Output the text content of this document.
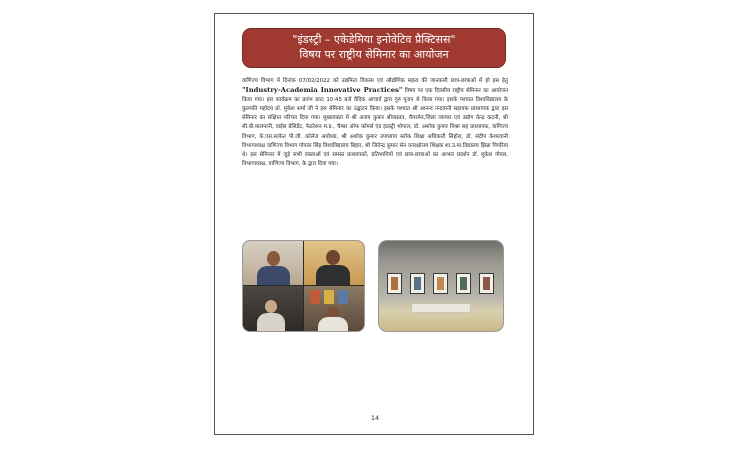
"इंडस्ट्री – एकेडेमिया इनोवेटिव प्रैक्टिसस"
विषय पर राष्ट्रीय सेमिनार का आयोजन
वाणिज्य विभाग में दिनांक 07/02/2022 को उद्यमिता विकास एवं औद्योगिक महत्व की जानकारी छात्र-छात्राओं में हो इस हेतु "Industry-Academia Innovative Practices" विषय पर एक दिवसीय राष्ट्रीय सेमिनार का आयोजन किया गया। इस कार्यक्रम का प्रारंभ प्रातः 10:45 बजे वैदिक आचार्य द्वारा गुरु पूजन से किया गया। इसके पश्चात विश्वविद्यालय के कुलपति महोदय प्रो. मुकेश शर्मा जी ने इस सेमिनार का उद्घाटन किया। इसके पश्चात श्री आनन्द नन्दवानी सहायक प्राध्यापक द्वारा इस सेमिनार का संक्षिप्त परिचय दिया गया। मुख्यवक्ता में श्री अजय कुमार श्रीवास्तव, चैयरमेन,जिला व्यापार एवं उद्योग केन्द्र कटनी, श्री सी.बी.मालपानी, वाईस प्रेसिडेंट, फेडरेशन म.प्र., चैम्बर ऑफ कॉमर्स एंड इंडस्ट्री भोपाल, डॉ. अशोक कुमार मिश्रा सह प्राध्यापक, वाणिज्य विभाग, के.एस.साकेत पी.जी. कॉलेज अयोध्या, श्री अशोक कुमार उपाध्याय ब्लॉक शिक्षा अधिकारी सिहोरा, डॉ. संदीप केशरवानी विभागाध्यक्ष वाणिज्य विभाग गोपाल सिंह विश्वविद्यालय बिहार, श्री जितेन्द्र कुमार सेन वनरक्षोत्तम शिक्षक शा.उ.मा.विद्यालय झिन्ना पिपरिया थे। इस सेमिनार में जुड़े सभी वक्ताओं एवं समस्त प्राध्यापकों, प्रतिभागियों एवं छात्र-छात्राओं का आभार प्रदर्शन डॉ. मुकेश गोयल, विभागाध्यक्ष, वाणिज्य विभाग, के द्वारा दिया गया।
14
